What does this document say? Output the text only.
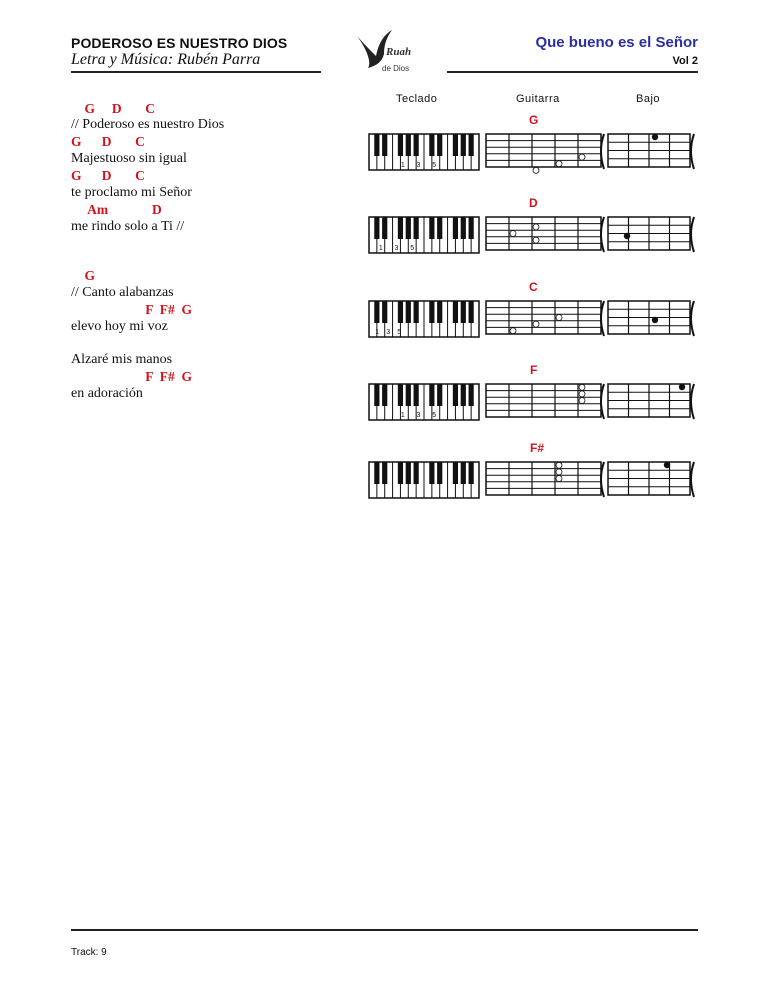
PODEROSO ES NUESTRO DIOS
Letra y Música: Rubén Parra	Ruah
de Dios
Que bueno es el Señor
Vol 2
G     D       C
// Poderoso es nuestro Dios
G      D       C
Majestuoso sin igual
G      D       C
te proclamo mi Señor
Am             D
me rindo solo a Ti //
G
// Canto alabanzas
F  F#  G
elevo hoy mi voz
Alzaré mis manos
F  F#  G
en adoración
Teclado	Guitarra	Bajo
G
1 3 5
D
1 3 5
C
1 3 5
F
1 3 5
F#
Track: 9
